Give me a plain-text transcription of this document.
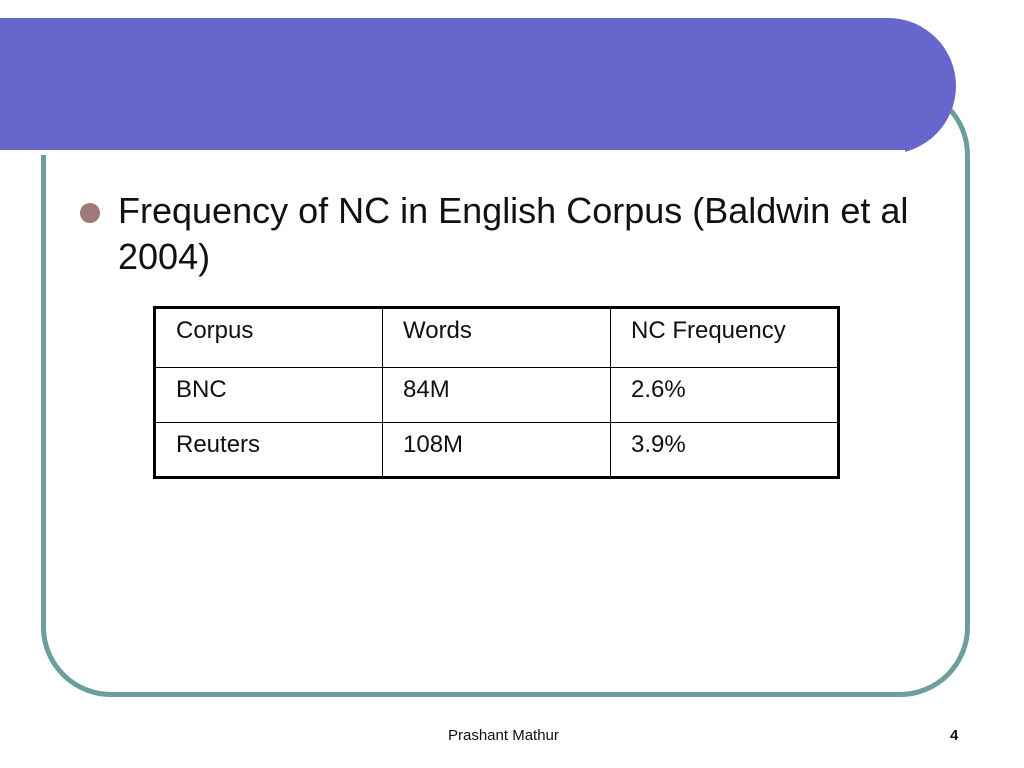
Frequency of NC in English Corpus (Baldwin et al 2004)
Corpus	Words	NC Frequency
BNC	84M	2.6%
Reuters	108M	3.9%
Prashant Mathur	4
